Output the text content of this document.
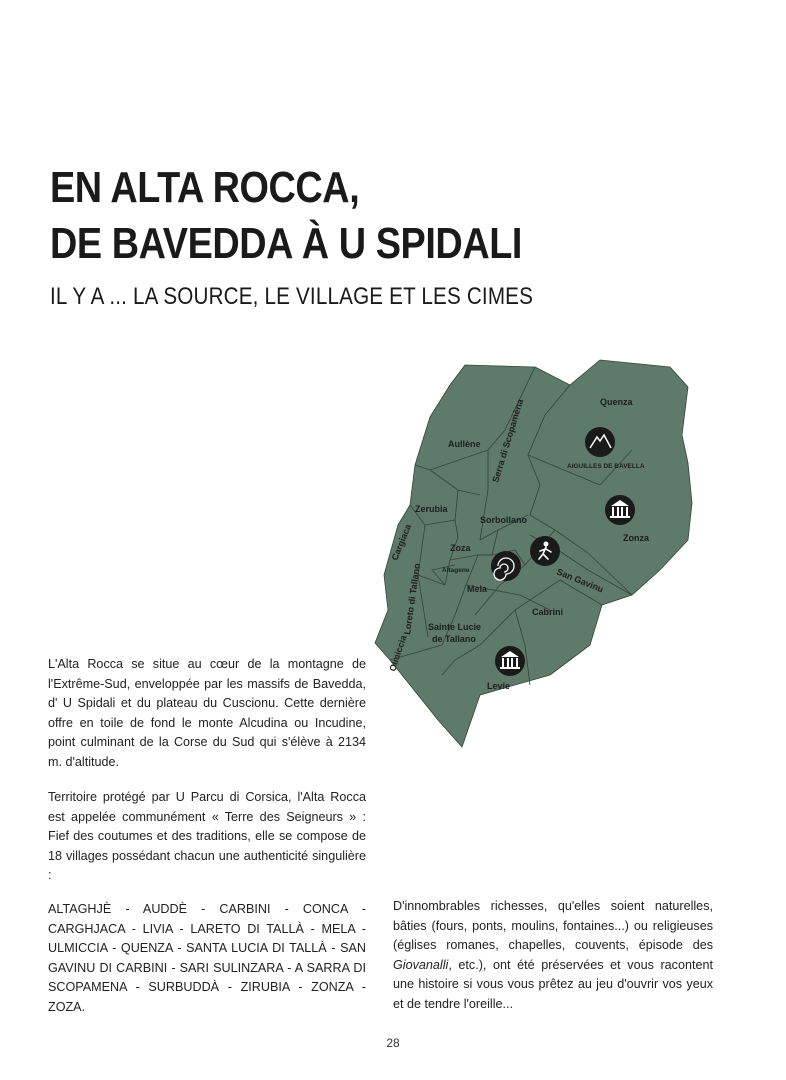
EN ALTA ROCCA,
DE BAVEDDA À U SPIDALI
IL Y A ... LA SOURCE, LE VILLAGE ET LES CIMES
Quenza
Aullène Serra di Scopamèna	AIGUILLES DE BAVELLA
Zerubia
Sorbollano
Zonza
Cargiaca	Zoza
Altagene
Loreto di Tallano	Mela	San Gavinu
Cabrini
Sainte Lucie
de Tallano
Olmiccia
Levie

L'Alta Rocca se situe au cœur de la montagne de l'Extrême-Sud, enveloppée par les massifs de Bavedda, d' U Spidali et du plateau du Cuscionu. Cette dernière offre en toile de fond le monte Alcudina ou Incudine, point culminant de la Corse du Sud qui s'élève à 2134 m. d'altitude.

Territoire protégé par U Parcu di Corsica, l'Alta Rocca est appelée communément « Terre des Seigneurs » : Fief des coutumes et des traditions, elle se compose de 18 villages possédant chacun une authenticité singulière :

ALTAGHJÈ - AUDDÈ - CARBINI - CONCA - CARGHJACA - LIVIA - LARETO DI TALLÀ - MELA - ULMICCIA - QUENZA - SANTA LUCIA DI TALLÀ - SAN GAVINU DI CARBINI - SARI SULINZARA - A SARRA DI SCOPAMENA - SURBUDDÀ - ZIRUBIA - ZONZA - ZOZA.

D'innombrables richesses, qu'elles soient naturelles, bâties (fours, ponts, moulins, fontaines...) ou religieuses (églises romanes, chapelles, couvents, épisode des Giovanalli, etc.), ont été préservées et vous racontent une histoire si vous vous prêtez au jeu d'ouvrir vos yeux et de tendre l'oreille...

28
